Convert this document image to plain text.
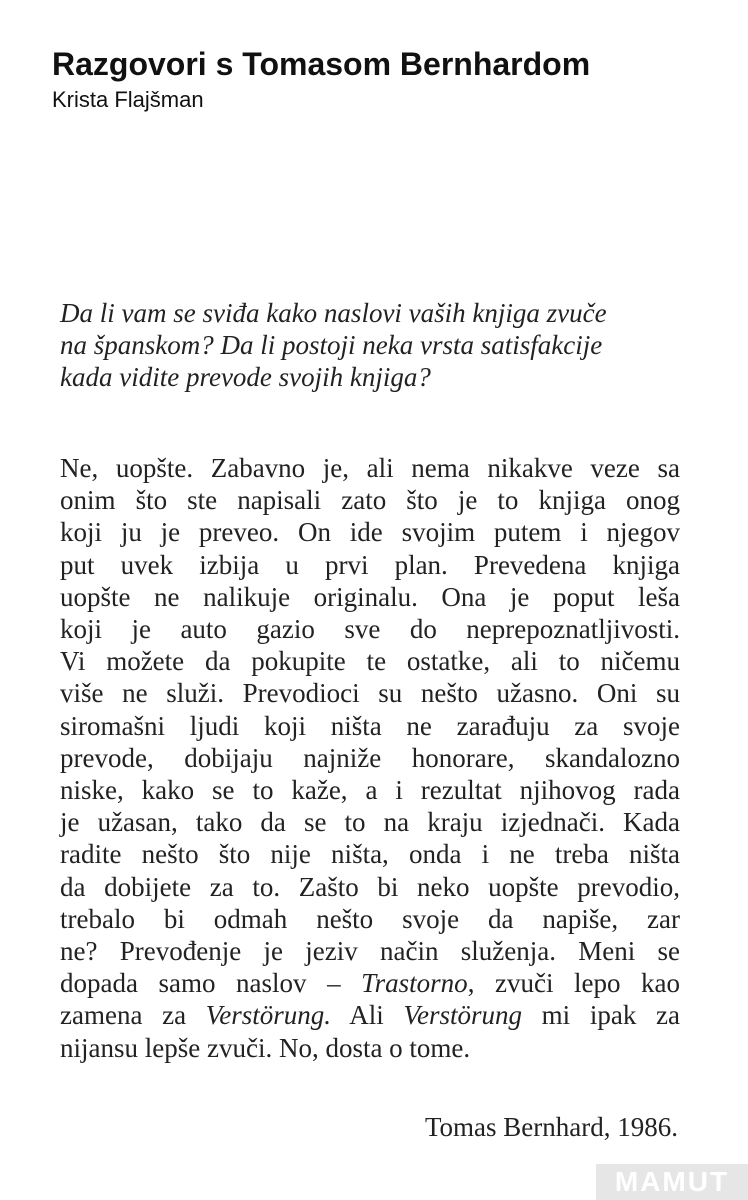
Razgovori s Tomasom Bernhardom
Krista Flajšman
Da li vam se sviđa kako naslovi vaših knjiga zvuče
na španskom? Da li postoji neka vrsta satisfakcije
kada vidite prevode svojih knjiga?
Ne, uopšte. Zabavno je, ali nema nikakve veze sa
onim što ste napisali zato što je to knjiga onog
koji ju je preveo. On ide svojim putem i njegov
put uvek izbija u prvi plan. Prevedena knjiga
uopšte ne nalikuje originalu. Ona je poput leša
koji je auto gazio sve do neprepoznatljivosti.
Vi možete da pokupite te ostatke, ali to ničemu
više ne služi. Prevodioci su nešto užasno. Oni su
siromašni ljudi koji ništa ne zarađuju za svoje
prevode, dobijaju najniže honorare, skandalozno
niske, kako se to kaže, a i rezultat njihovog rada
je užasan, tako da se to na kraju izjednači. Kada
radite nešto što nije ništa, onda i ne treba ništa
da dobijete za to. Zašto bi neko uopšte prevodio,
trebalo bi odmah nešto svoje da napiše, zar
ne? Prevođenje je jeziv način služenja. Meni se
dopada samo naslov – Trastorno, zvuči lepo kao
zamena za Verstörung. Ali Verstörung mi ipak za
nijansu lepše zvuči. No, dosta o tome.
Tomas Bernhard, 1986.
MAMUT
